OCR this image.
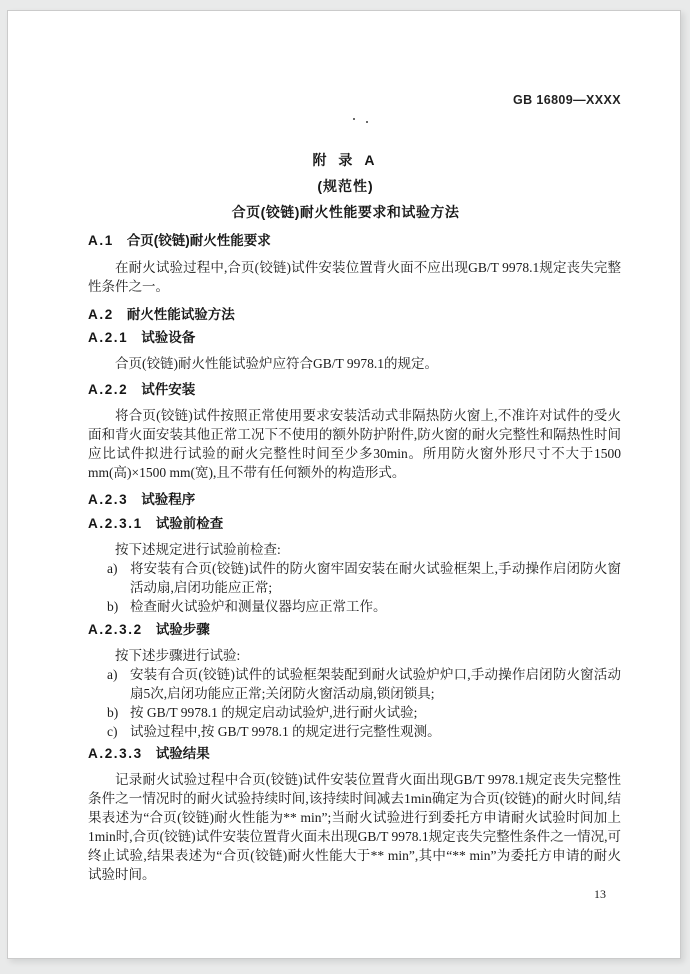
GB 16809—XXXX
附 录 A
(规范性)
合页(铰链)耐火性能要求和试验方法
A.1 合页(铰链)耐火性能要求

在耐火试验过程中,合页(铰链)试件安装位置背火面不应出现GB/T 9978.1规定丧失完整性条件之一。

A.2 耐火性能试验方法
A.2.1 试验设备

合页(铰链)耐火性能试验炉应符合GB/T 9978.1的规定。

A.2.2 试件安装

将合页(铰链)试件按照正常使用要求安装活动式非隔热防火窗上,不准许对试件的受火面和背火面安装其他正常工况下不使用的额外防护附件,防火窗的耐火完整性和隔热性时间应比试件拟进行试验的耐火完整性时间至少多30min。所用防火窗外形尺寸不大于1500 mm(高)×1500 mm(宽),且不带有任何额外的构造形式。

A.2.3 试验程序
A.2.3.1 试验前检查

按下述规定进行试验前检查:

a) 将安装有合页(铰链)试件的防火窗牢固安装在耐火试验框架上,手动操作启闭防火窗活动扇,启闭功能应正常;
b) 检查耐火试验炉和测量仪器均应正常工作。
A.2.3.2 试验步骤

按下述步骤进行试验:

a) 安装有合页(铰链)试件的试验框架装配到耐火试验炉炉口,手动操作启闭防火窗活动扇5次,启闭功能应正常;关闭防火窗活动扇,锁闭锁具;
b) 按 GB/T 9978.1 的规定启动试验炉,进行耐火试验;
c) 试验过程中,按 GB/T 9978.1 的规定进行完整性观测。
A.2.3.3 试验结果

记录耐火试验过程中合页(铰链)试件安装位置背火面出现GB/T 9978.1规定丧失完整性条件之一情况时的耐火试验持续时间,该持续时间减去1min确定为合页(铰链)的耐火时间,结果表述为“合页(铰链)耐火性能为** min”;当耐火试验进行到委托方申请耐火试验时间加上1min时,合页(铰链)试件安装位置背火面未出现GB/T 9978.1规定丧失完整性条件之一情况,可终止试验,结果表述为“合页(铰链)耐火性能大于** min”,其中“** min”为委托方申请的耐火试验时间。

13
